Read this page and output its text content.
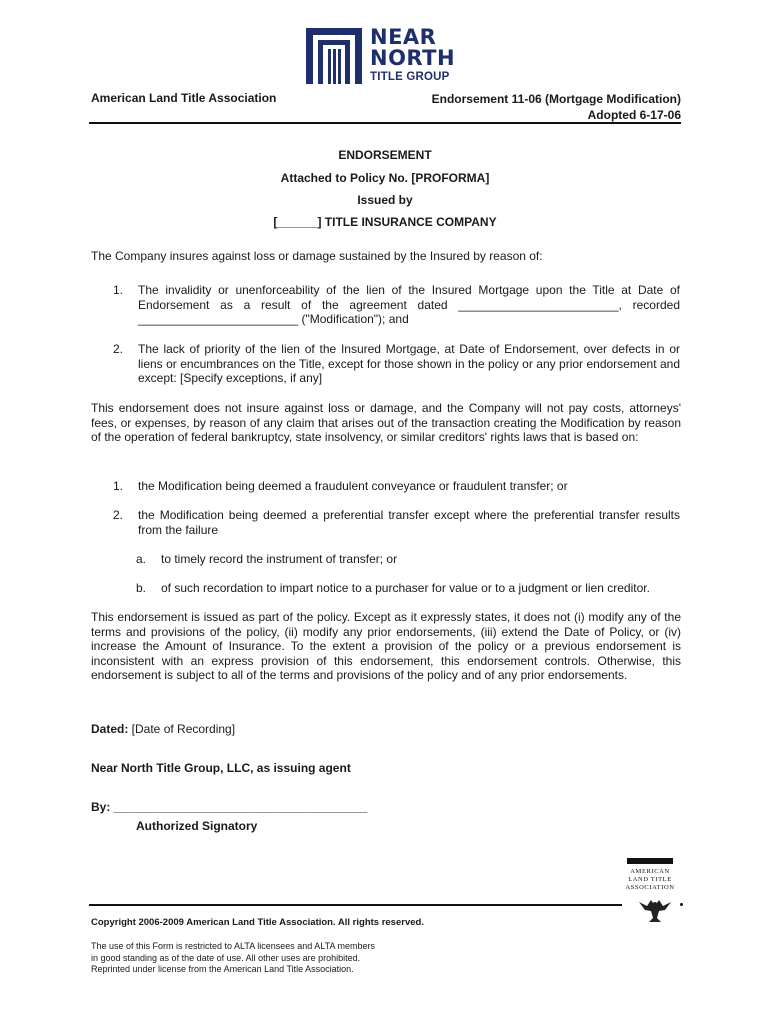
NEAR
NORTH
TITLE GROUP
American Land Title Association	Endorsement 11-06 (Mortgage Modification)
Adopted 6-17-06
ENDORSEMENT
Attached to Policy No. [PROFORMA]
Issued by
[______] TITLE INSURANCE COMPANY
The Company insures against loss or damage sustained by the Insured by reason of:
1.	The invalidity or unenforceability of the lien of the Insured Mortgage upon the Title at Date of Endorsement as a result of the agreement dated ________________________, recorded ________________________ ("Modification"); and
2.	The lack of priority of the lien of the Insured Mortgage, at Date of Endorsement, over defects in or liens or encumbrances on the Title, except for those shown in the policy or any prior endorsement and except: [Specify exceptions, if any]
This endorsement does not insure against loss or damage, and the Company will not pay costs, attorneys' fees, or expenses, by reason of any claim that arises out of the transaction creating the Modification by reason of the operation of federal bankruptcy, state insolvency, or similar creditors' rights laws that is based on:
1.	the Modification being deemed a fraudulent conveyance or fraudulent transfer; or
2.	the Modification being deemed a preferential transfer except where the preferential transfer results from the failure
a. to timely record the instrument of transfer; or
b. of such recordation to impart notice to a purchaser for value or to a judgment or lien creditor.
This endorsement is issued as part of the policy. Except as it expressly states, it does not (i) modify any of the terms and provisions of the policy, (ii) modify any prior endorsements, (iii) extend the Date of Policy, or (iv) increase the Amount of Insurance. To the extent a provision of the policy or a previous endorsement is inconsistent with an express provision of this endorsement, this endorsement controls. Otherwise, this endorsement is subject to all of the terms and provisions of the policy and of any prior endorsements.
Dated: [Date of Recording]
Near North Title Group, LLC, as issuing agent
By: ______________________________________
Authorized Signatory
AMERICAN
LAND TITLE
ASSOCIATION
Copyright 2006-2009 American Land Title Association. All rights reserved.
The use of this Form is restricted to ALTA licensees and ALTA members
in good standing as of the date of use. All other uses are prohibited.
Reprinted under license from the American Land Title Association.
